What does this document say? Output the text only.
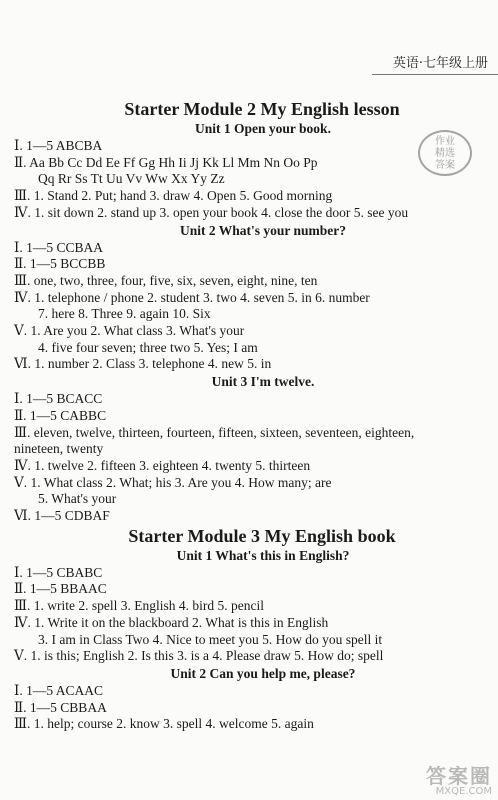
英语·七年级上册
Starter Module 2 My English lesson
Unit 1 Open your book.
Ⅰ. 1—5 ABCBA
Ⅱ. Aa Bb Cc Dd Ee Ff Gg Hh Ii Jj Kk Ll Mm Nn Oo Pp
Qq Rr Ss Tt Uu Vv Ww Xx Yy Zz
Ⅲ. 1. Stand 2. Put; hand 3. draw 4. Open 5. Good morning
Ⅳ. 1. sit down 2. stand up 3. open your book 4. close the door 5. see you
Unit 2 What's your number?
Ⅰ. 1—5 CCBAA
Ⅱ. 1—5 BCCBB
Ⅲ. one, two, three, four, five, six, seven, eight, nine, ten
Ⅳ. 1. telephone / phone 2. student 3. two 4. seven 5. in 6. number
7. here 8. Three 9. again 10. Six
Ⅴ. 1. Are you 2. What class 3. What's your
4. five four seven; three two 5. Yes; I am
Ⅵ. 1. number 2. Class 3. telephone 4. new 5. in
Unit 3 I'm twelve.
Ⅰ. 1—5 BCACC
Ⅱ. 1—5 CABBC
Ⅲ. eleven, twelve, thirteen, fourteen, fifteen, sixteen, seventeen, eighteen,
nineteen, twenty
Ⅳ. 1. twelve 2. fifteen 3. eighteen 4. twenty 5. thirteen
Ⅴ. 1. What class 2. What; his 3. Are you 4. How many; are
5. What's your
Ⅵ. 1—5 CDBAF
Starter Module 3 My English book
Unit 1 What's this in English?
Ⅰ. 1—5 CBABC
Ⅱ. 1—5 BBAAC
Ⅲ. 1. write 2. spell 3. English 4. bird 5. pencil
Ⅳ. 1. Write it on the blackboard 2. What is this in English
3. I am in Class Two 4. Nice to meet you 5. How do you spell it
Ⅴ. 1. is this; English 2. Is this 3. is a 4. Please draw 5. How do; spell
Unit 2 Can you help me, please?
Ⅰ. 1—5 ACAAC
Ⅱ. 1—5 CBBAA
Ⅲ. 1. help; course 2. know 3. spell 4. welcome 5. again
作业
精选
答案
答案圈
MXQE.COM
